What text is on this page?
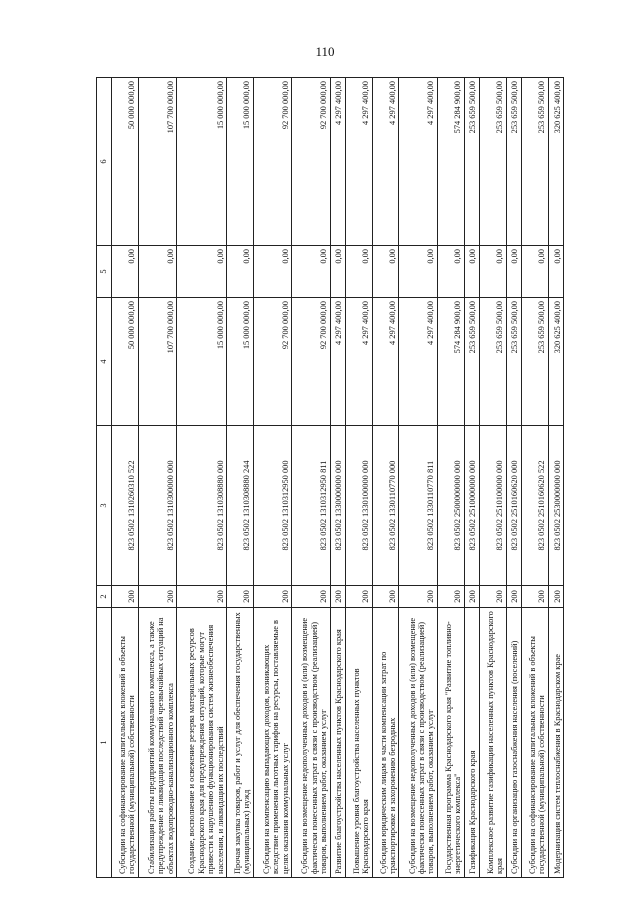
110
1	2	3	4	5	6
Субсидии на софинансирование капитальных вложений в объекты государственной (муниципальной) собственности	200	823 0502 1310260310 522	50 000 000,00	0,00	50 000 000,00
Стабилизация работы предприятий коммунального комплекса, а также предупреждение и ликвидация последствий чрезвычайных ситуаций на объектах водопроводно-канализационного комплекса	200	823 0502 1310300000 000	107 700 000,00	0,00	107 700 000,00
Создание, восполнение и освежение резерва материальных ресурсов Краснодарского края для предупреждения ситуаций, которые могут привести к нарушению функционирования систем жизнеобеспечения населения, и ликвидации их последствий	200	823 0502 1310308880 000	15 000 000,00	0,00	15 000 000,00
Прочая закупка товаров, работ и услуг для обеспечения государственных (муниципальных) нужд	200	823 0502 1310308880 244	15 000 000,00	0,00	15 000 000,00
Субсидии на компенсацию выпадающих доходов, возникающих вследствие применения льготных тарифов на ресурсы, поставляемые в целях оказания коммунальных услуг	200	823 0502 1310312950 000	92 700 000,00	0,00	92 700 000,00
Субсидии на возмещение недополученных доходов и (или) возмещение фактически понесенных затрат в связи с производством (реализацией) товаров, выполнением работ, оказанием услуг	200	823 0502 1310312950 811	92 700 000,00	0,00	92 700 000,00
Развитие благоустройства населенных пунктов Краснодарского края	200	823 0502 1330000000 000	4 297 400,00	0,00	4 297 400,00
Повышение уровня благоустройства населенных пунктов Краснодарского края	200	823 0502 1330100000 000	4 297 400,00	0,00	4 297 400,00
Субсидии юридическим лицам в части компенсации затрат по транспортировке и захоронению безродных	200	823 0502 1330110770 000	4 297 400,00	0,00	4 297 400,00
Субсидии на возмещение недополученных доходов и (или) возмещение фактически понесенных затрат в связи с производством (реализацией) товаров, выполнением работ, оказанием услуг	200	823 0502 1330110770 811	4 297 400,00	0,00	4 297 400,00
Государственная программа Краснодарского края "Развитие топливно-энергетического комплекса"	200	823 0502 2500000000 000	574 284 900,00	0,00	574 284 900,00
Газификация Краснодарского края	200	823 0502 2510000000 000	253 659 500,00	0,00	253 659 500,00
Комплексное развитие газификации населенных пунктов Краснодарского края	200	823 0502 2510100000 000	253 659 500,00	0,00	253 659 500,00
Субсидии на организацию газоснабжения населения (поселений)	200	823 0502 2510160620 000	253 659 500,00	0,00	253 659 500,00
Субсидии на софинансирование капитальных вложений в объекты государственной (муниципальной) собственности	200	823 0502 2510160620 522	253 659 500,00	0,00	253 659 500,00
Модернизация систем теплоснабжения в Краснодарском крае	200	823 0502 2530000000 000	320 625 400,00	0,00	320 625 400,00
